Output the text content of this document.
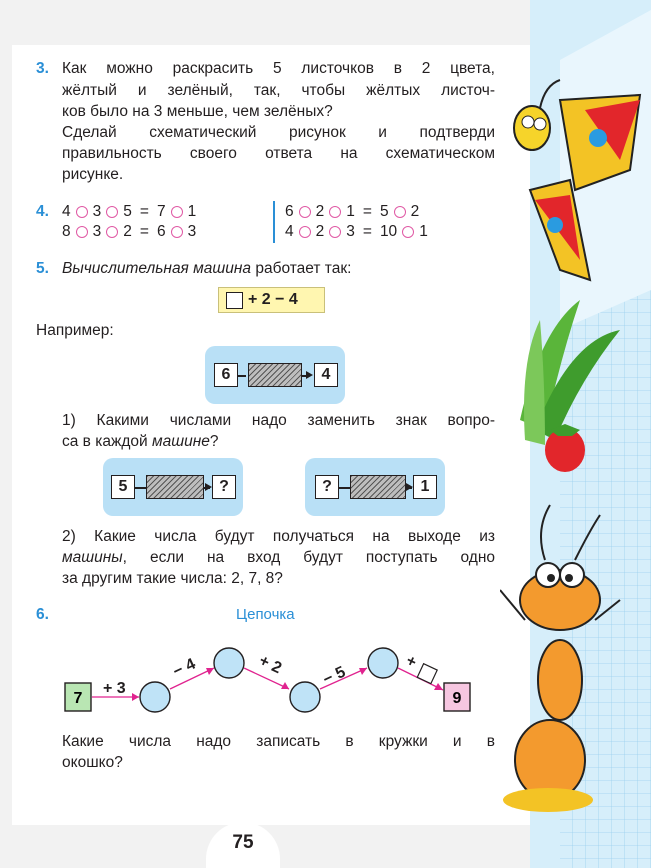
3. Как можно раскрасить 5 листочков в 2 цвета,
жёлтый и зелёный, так, чтобы жёлтых листоч-
ков было на 3 меньше, чем зелёных?
Сделай схематический рисунок и подтверди
правильность своего ответа на схематическом
рисунке.
4. 4 3 5 = 7 1
8 3 2 = 6 3
6 2 1 = 5 2
4 2 3 = 10 1
5. Вычислительная машина работает так:
+ 2 − 4
Например:
6	4
1) Какими числами надо заменить знак вопро-
са в каждой машине?
5	?	?	1
2) Какие числа будут получаться на выходе из
машины , если на вход будут поступать одно
за другим такие числа: 2, 7, 8?
6.	Цепочка
7	9
+ 3
− 4	+ 2 − 5
+
Какие числа надо записать в кружки и в
окошко?
75
